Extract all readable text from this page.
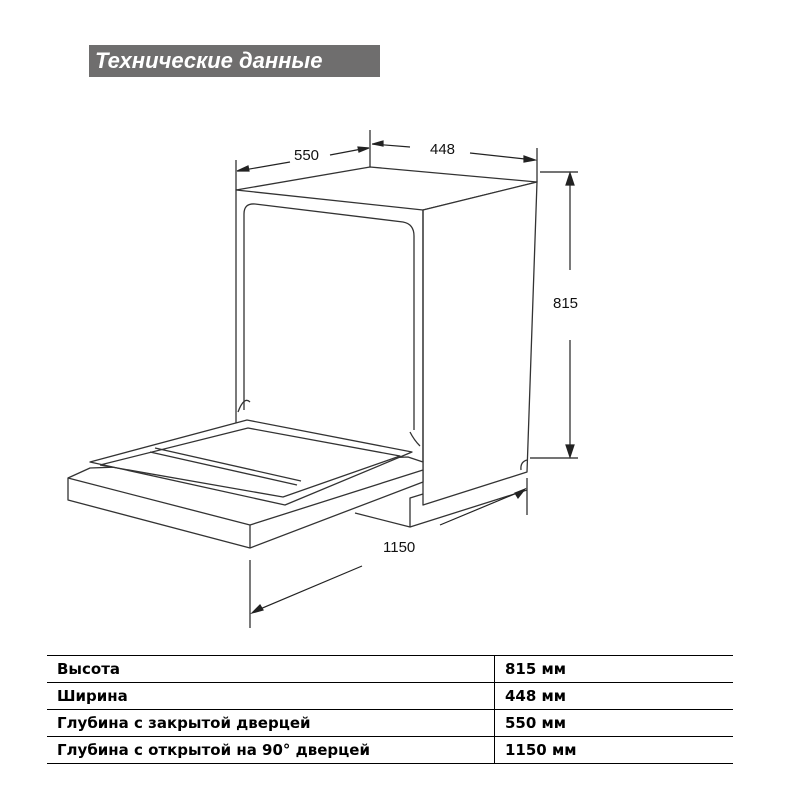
Технические данные
550	448
815
1150
Высота	815 мм
Ширина	448 мм
Глубина с закрытой дверцей	550 мм
Глубина с открытой на 90° дверцей	1150 мм
